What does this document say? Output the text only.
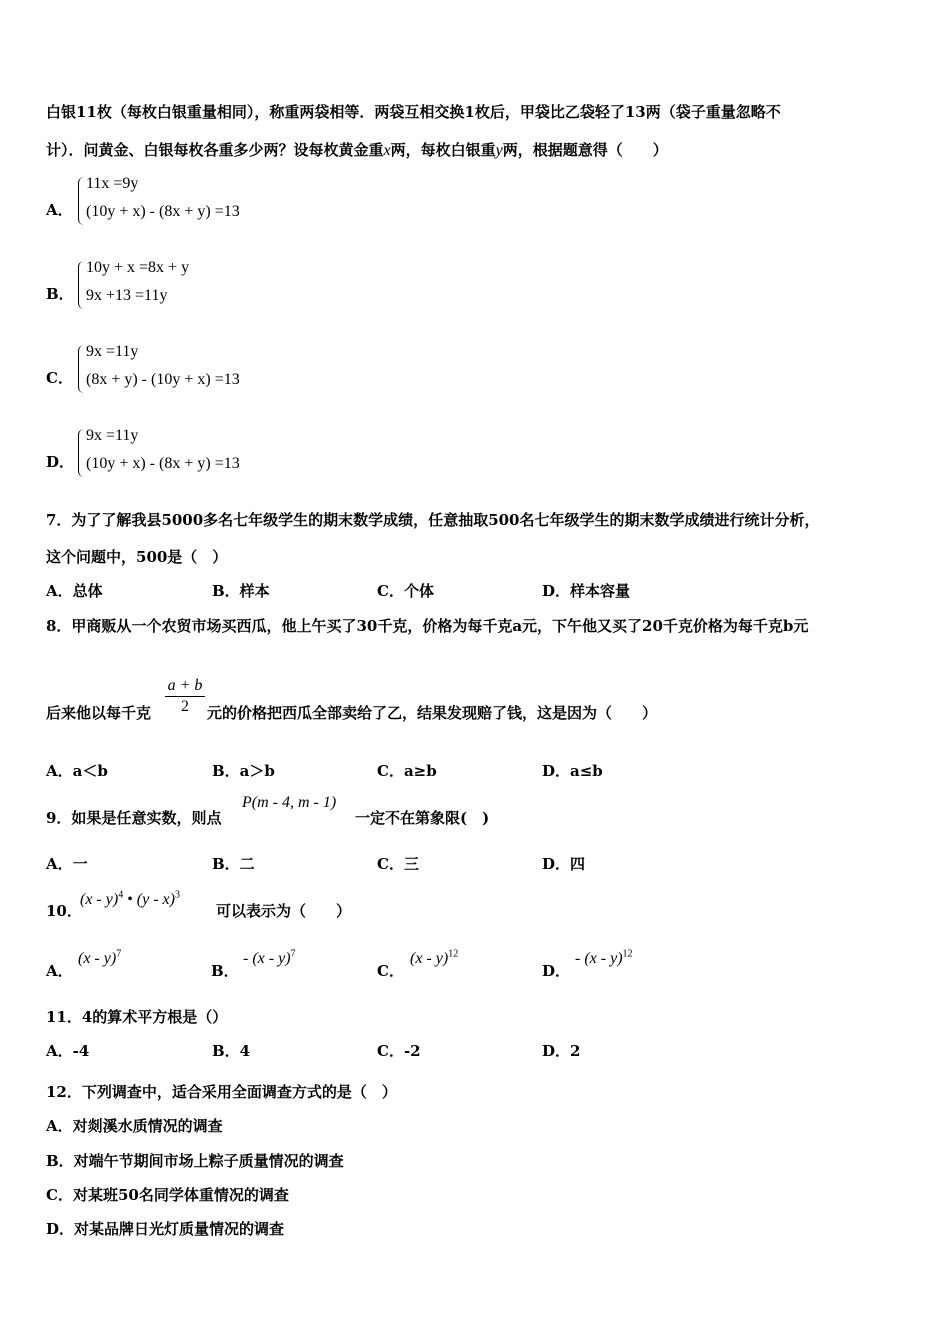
白银11枚（每枚白银重量相同），称重两袋相等．两袋互相交换1枚后，甲袋比乙袋轻了13两（袋子重量忽略不
计）．问黄金、白银每枚各重多少两？设每枚黄金重x两，每枚白银重y两，根据题意得（　　）
A．
11x =9y
(10y + x) - (8x + y) =13
B．
10y + x =8x + y
9x +13 =11y
C．
9x =11y
(8x + y) - (10y + x) =13
D．
9x =11y
(10y + x) - (8x + y) =13
7．为了了解我县5000多名七年级学生的期末数学成绩，任意抽取500名七年级学生的期末数学成绩进行统计分析，
这个问题中，500是（　）
A．总体	B．样本	C．个体	D．样本容量
8．甲商贩从一个农贸市场买西瓜，他上午买了30千克，价格为每千克a元，下午他又买了20千克价格为每千克b元
后来他以每千克
a + b
2	元的价格把西瓜全部卖给了乙，结果发现赔了钱，这是因为（　　）
A．a＜b	B．a＞b	C．a≥b	D．a≤b
9．如果是任意实数，则点
P(m - 4, m - 1)
一定不在第象限(　)
A．一	B．二	C．三	D．四
10．
(x - y)$^4$ • (y - x)$^3$
可以表示为（　　）
A．
(x - y)$^7$
B．
- (x - y)$^7$
C．
(x - y)$^{12}$
D．
- (x - y)$^{12}$
11．4的算术平方根是（）
A．-4	B．4	C．-2	D．2
12．下列调查中，适合采用全面调查方式的是（　）
A．对剡溪水质情况的调查
B．对端午节期间市场上粽子质量情况的调查
C．对某班50名同学体重情况的调查
D．对某品牌日光灯质量情况的调查
